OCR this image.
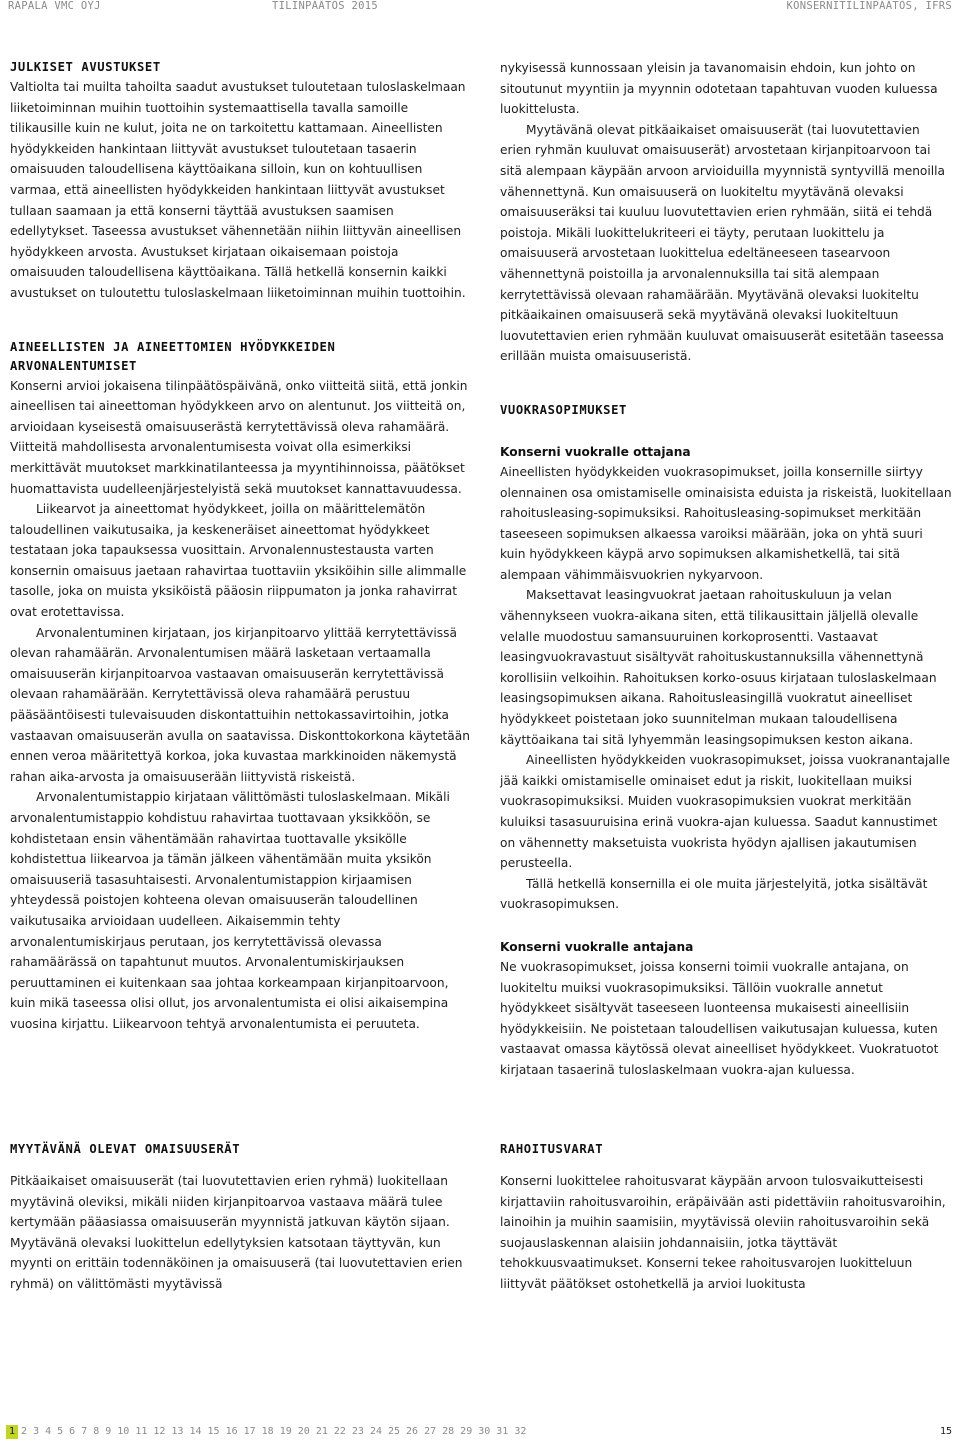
RAPALA VMC OYJ	TILINPÄÄTÖS 2015	KONSERNITILINPÄÄTÖS, IFRS
JULKISET AVUSTUKSET

Valtiolta tai muilta tahoilta saadut avustukset tuloutetaan tuloslaskelmaan liiketoiminnan muihin tuottoihin systemaattisella tavalla samoille tilikausille kuin ne kulut, joita ne on tarkoitettu kattamaan. Aineellisten hyödykkeiden hankintaan liittyvät avustukset tuloutetaan tasaerin omaisuuden taloudellisena käyttöaikana silloin, kun on kohtuullisen varmaa, että aineellisten hyödykkeiden hankintaan liittyvät avustukset tullaan saamaan ja että konserni täyttää avustuksen saamisen edellytykset. Taseessa avustukset vähennetään niihin liittyvän aineellisen hyödykkeen arvosta. Avustukset kirjataan oikaisemaan poistoja omaisuuden taloudellisena käyttöaikana. Tällä hetkellä konsernin kaikki avustukset on tuloutettu tuloslaskelmaan liiketoiminnan muihin tuottoihin.

AINEELLISTEN JA AINEETTOMIEN HYÖDYKKEIDEN
ARVONALENTUMISET

Konserni arvioi jokaisena tilinpäätöspäivänä, onko viitteitä siitä, että jonkin aineellisen tai aineettoman hyödykkeen arvo on alentunut. Jos viitteitä on, arvioidaan kyseisestä omaisuuserästä kerrytettävissä oleva rahamäärä. Viitteitä mahdollisesta arvonalentumisesta voivat olla esimerkiksi merkittävät muutokset markkinatilanteessa ja myyntihinnoissa, päätökset huomattavista uudelleenjärjestelyistä sekä muutokset kannattavuudessa.

Liikearvot ja aineettomat hyödykkeet, joilla on määrittelemätön taloudellinen vaikutusaika, ja keskeneräiset aineettomat hyödykkeet testataan joka tapauksessa vuosittain. Arvonalennustestausta varten konsernin omaisuus jaetaan rahavirtaa tuottaviin yksiköihin sille alimmalle tasolle, joka on muista yksiköistä pääosin riippumaton ja jonka rahavirrat ovat erotettavissa.

Arvonalentuminen kirjataan, jos kirjanpitoarvo ylittää kerrytettävissä olevan rahamäärän. Arvonalentumisen määrä lasketaan vertaamalla omaisuuserän kirjanpitoarvoa vastaavan omaisuuserän kerrytettävissä olevaan rahamäärään. Kerrytettävissä oleva rahamäärä perustuu pääsääntöisesti tulevaisuuden diskontattuihin nettokassavirtoihin, jotka vastaavan omaisuuserän avulla on saatavissa. Diskonttokorkona käytetään ennen veroa määritettyä korkoa, joka kuvastaa markkinoiden näkemystä rahan aika-arvosta ja omaisuuserään liittyvistä riskeistä.

Arvonalentumistappio kirjataan välittömästi tuloslaskelmaan. Mikäli arvonalentumistappio kohdistuu rahavirtaa tuottavaan yksikköön, se kohdistetaan ensin vähentämään rahavirtaa tuottavalle yksikölle kohdistettua liikearvoa ja tämän jälkeen vähentämään muita yksikön omaisuuseriä tasasuhtaisesti. Arvonalentumistappion kirjaamisen yhteydessä poistojen kohteena olevan omaisuuserän taloudellinen vaikutusaika arvioidaan uudelleen. Aikaisemmin tehty arvonalentumiskirjaus perutaan, jos kerrytettävissä olevassa rahamäärässä on tapahtunut muutos. Arvonalentumiskirjauksen peruuttaminen ei kuitenkaan saa johtaa korkeampaan kirjanpitoarvoon, kuin mikä taseessa olisi ollut, jos arvonalentumista ei olisi aikaisempina vuosina kirjattu. Liikearvoon tehtyä arvonalentumista ei peruuteta.

nykyisessä kunnossaan yleisin ja tavanomaisin ehdoin, kun johto on sitoutunut myyntiin ja myynnin odotetaan tapahtuvan vuoden kuluessa luokittelusta.

Myytävänä olevat pitkäaikaiset omaisuuserät (tai luovutettavien erien ryhmän kuuluvat omaisuuserät) arvostetaan kirjanpitoarvoon tai sitä alempaan käypään arvoon arvioiduilla myynnistä syntyvillä menoilla vähennettynä. Kun omaisuuserä on luokiteltu myytävänä olevaksi omaisuuseräksi tai kuuluu luovutettavien erien ryhmään, siitä ei tehdä poistoja. Mikäli luokittelukriteeri ei täyty, perutaan luokittelu ja omaisuuserä arvostetaan luokittelua edeltäneeseen tasearvoon vähennettynä poistoilla ja arvonalennuksilla tai sitä alempaan kerrytettävissä olevaan rahamäärään. Myytävänä olevaksi luokiteltu pitkäaikainen omaisuuserä sekä myytävänä olevaksi luokiteltuun luovutettavien erien ryhmään kuuluvat omaisuuserät esitetään taseessa erillään muista omaisuuseristä.

VUOKRASOPIMUKSET
Konserni vuokralle ottajana

Aineellisten hyödykkeiden vuokrasopimukset, joilla konsernille siirtyy olennainen osa omistamiselle ominaisista eduista ja riskeistä, luokitellaan rahoitusleasing-sopimuksiksi. Rahoitusleasing-sopimukset merkitään taseeseen sopimuksen alkaessa varoiksi määrään, joka on yhtä suuri kuin hyödykkeen käypä arvo sopimuksen alkamishetkellä, tai sitä alempaan vähimmäisvuokrien nykyarvoon.

Maksettavat leasingvuokrat jaetaan rahoituskuluun ja velan vähennykseen vuokra-aikana siten, että tilikausittain jäljellä olevalle velalle muodostuu samansuuruinen korkoprosentti. Vastaavat leasingvuokravastuut sisältyvät rahoituskustannuksilla vähennettynä korollisiin velkoihin. Rahoituksen korko-osuus kirjataan tuloslaskelmaan leasingsopimuksen aikana. Rahoitusleasingillä vuokratut aineelliset hyödykkeet poistetaan joko suunnitelman mukaan taloudellisena käyttöaikana tai sitä lyhyemmän leasingsopimuksen keston aikana.

Aineellisten hyödykkeiden vuokrasopimukset, joissa vuokranantajalle jää kaikki omistamiselle ominaiset edut ja riskit, luokitellaan muiksi vuokrasopimuksiksi. Muiden vuokrasopimuksien vuokrat merkitään kuluiksi tasasuuruisina erinä vuokra-ajan kuluessa. Saadut kannustimet on vähennetty maksetuista vuokrista hyödyn ajallisen jakautumisen perusteella.

Tällä hetkellä konsernilla ei ole muita järjestelyitä, jotka sisältävät vuokrasopimuksen.

Konserni vuokralle antajana

Ne vuokrasopimukset, joissa konserni toimii vuokralle antajana, on luokiteltu muiksi vuokrasopimuksiksi. Tällöin vuokralle annetut hyödykkeet sisältyvät taseeseen luonteensa mukaisesti aineellisiin hyödykkeisiin. Ne poistetaan taloudellisen vaikutusajan kuluessa, kuten vastaavat omassa käytössä olevat aineelliset hyödykkeet. Vuokratuotot kirjataan tasaerinä tuloslaskelmaan vuokra-ajan kuluessa.

MYYTÄVÄNÄ OLEVAT OMAISUUSERÄT

Pitkäaikaiset omaisuuserät (tai luovutettavien erien ryhmä) luokitellaan myytävinä oleviksi, mikäli niiden kirjanpitoarvoa vastaava määrä tulee kertymään pääasiassa omaisuuserän myynnistä jatkuvan käytön sijaan. Myytävänä olevaksi luokittelun edellytyksien katsotaan täyttyvän, kun myynti on erittäin todennäköinen ja omaisuuserä (tai luovutettavien erien ryhmä) on välittömästi myytävissä

RAHOITUSVARAT

Konserni luokittelee rahoitusvarat käypään arvoon tulosvaikutteisesti kirjattaviin rahoitusvaroihin, eräpäivään asti pidettäviin rahoitusvaroihin, lainoihin ja muihin saamisiin, myytävissä oleviin rahoitusvaroihin sekä suojauslaskennan alaisiin johdannaisiin, jotka täyttävät tehokkuusvaatimukset. Konserni tekee rahoitusvarojen luokitteluun liittyvät päätökset ostohetkellä ja arvioi luokitusta

1 2 3 4 5 6 7 8 9 10 11 12 13 14 15 16 17 18 19 20 21 22 23 24 25 26 27 28 29 30 31 32	15
